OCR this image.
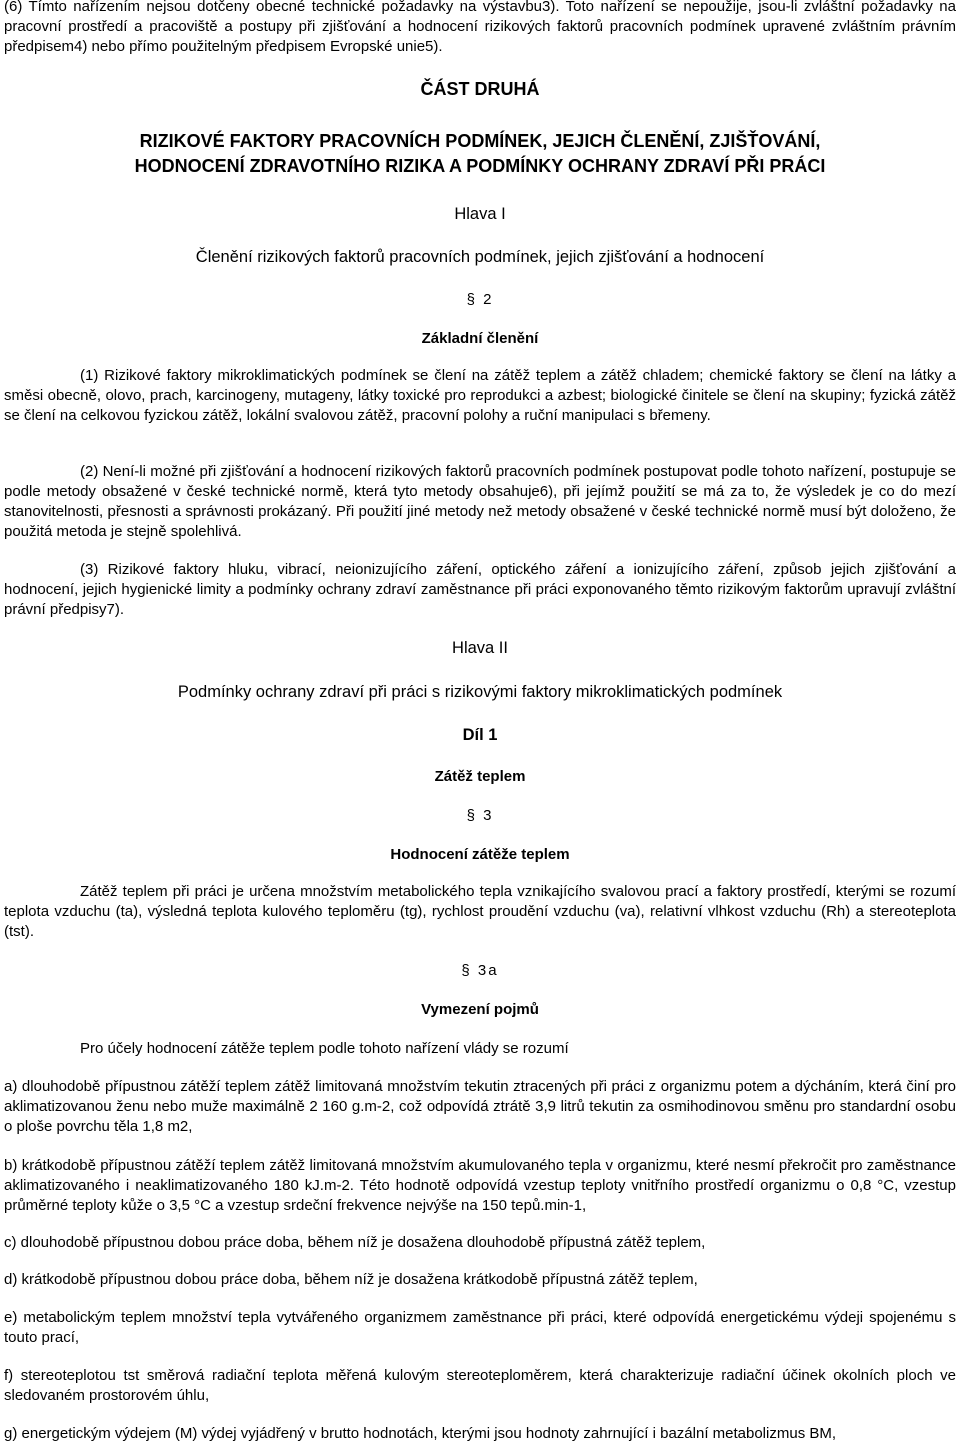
(6) Tímto nařízením nejsou dotčeny obecné technické požadavky na výstavbu3). Toto nařízení se nepoužije, jsou-li zvláštní požadavky na pracovní prostředí a pracoviště a postupy při zjišťování a hodnocení rizikových faktorů pracovních podmínek upravené zvláštním právním předpisem4) nebo přímo použitelným předpisem Evropské unie5).

ČÁST DRUHÁ

RIZIKOVÉ FAKTORY PRACOVNÍCH PODMÍNEK, JEJICH ČLENĚNÍ, ZJIŠŤOVÁNÍ,

HODNOCENÍ ZDRAVOTNÍHO RIZIKA A PODMÍNKY OCHRANY ZDRAVÍ PŘI PRÁCI

Hlava I

Členění rizikových faktorů pracovních podmínek, jejich zjišťování a hodnocení

§ 2

Základní členění

(1) Rizikové faktory mikroklimatických podmínek se člení na zátěž teplem a zátěž chladem; chemické faktory se člení na látky a směsi obecně, olovo, prach, karcinogeny, mutageny, látky toxické pro reprodukci a azbest; biologické činitele se člení na skupiny; fyzická zátěž se člení na celkovou fyzickou zátěž, lokální svalovou zátěž, pracovní polohy a ruční manipulaci s břemeny.

(2) Není-li možné při zjišťování a hodnocení rizikových faktorů pracovních podmínek postupovat podle tohoto nařízení, postupuje se podle metody obsažené v české technické normě, která tyto metody obsahuje6), při jejímž použití se má za to, že výsledek je co do mezí stanovitelnosti, přesnosti a správnosti prokázaný. Při použití jiné metody než metody obsažené v české technické normě musí být doloženo, že použitá metoda je stejně spolehlivá.

(3) Rizikové faktory hluku, vibrací, neionizujícího záření, optického záření a ionizujícího záření, způsob jejich zjišťování a hodnocení, jejich hygienické limity a podmínky ochrany zdraví zaměstnance při práci exponovaného těmto rizikovým faktorům upravují zvláštní právní předpisy7).

Hlava II

Podmínky ochrany zdraví při práci s rizikovými faktory mikroklimatických podmínek

Díl 1

Zátěž teplem

§ 3

Hodnocení zátěže teplem

Zátěž teplem při práci je určena množstvím metabolického tepla vznikajícího svalovou prací a faktory prostředí, kterými se rozumí teplota vzduchu (ta), výsledná teplota kulového teploměru (tg), rychlost proudění vzduchu (va), relativní vlhkost vzduchu (Rh) a stereoteplota (tst).

§ 3a

Vymezení pojmů

Pro účely hodnocení zátěže teplem podle tohoto nařízení vlády se rozumí

a) dlouhodobě přípustnou zátěží teplem zátěž limitovaná množstvím tekutin ztracených při práci z organizmu potem a dýcháním, která činí pro aklimatizovanou ženu nebo muže maximálně 2 160 g.m-2, což odpovídá ztrátě 3,9 litrů tekutin za osmihodinovou směnu pro standardní osobu o ploše povrchu těla 1,8 m2,

b) krátkodobě přípustnou zátěží teplem zátěž limitovaná množstvím akumulovaného tepla v organizmu, které nesmí překročit pro zaměstnance aklimatizovaného i neaklimatizovaného 180 kJ.m-2. Této hodnotě odpovídá vzestup teploty vnitřního prostředí organizmu o 0,8 °C, vzestup průměrné teploty kůže o 3,5 °C a vzestup srdeční frekvence nejvýše na 150 tepů.min-1,

c) dlouhodobě přípustnou dobou práce doba, během níž je dosažena dlouhodobě přípustná zátěž teplem,

d) krátkodobě přípustnou dobou práce doba, během níž je dosažena krátkodobě přípustná zátěž teplem,

e) metabolickým teplem množství tepla vytvářeného organizmem zaměstnance při práci, které odpovídá energetickému výdeji spojenému s touto prací,

f) stereoteplotou tst směrová radiační teplota měřená kulovým stereoteploměrem, která charakterizuje radiační účinek okolních ploch ve sledovaném prostorovém úhlu,

g) energetickým výdejem (M) výdej vyjádřený v brutto hodnotách, kterými jsou hodnoty zahrnující i bazální metabolizmus BM,
